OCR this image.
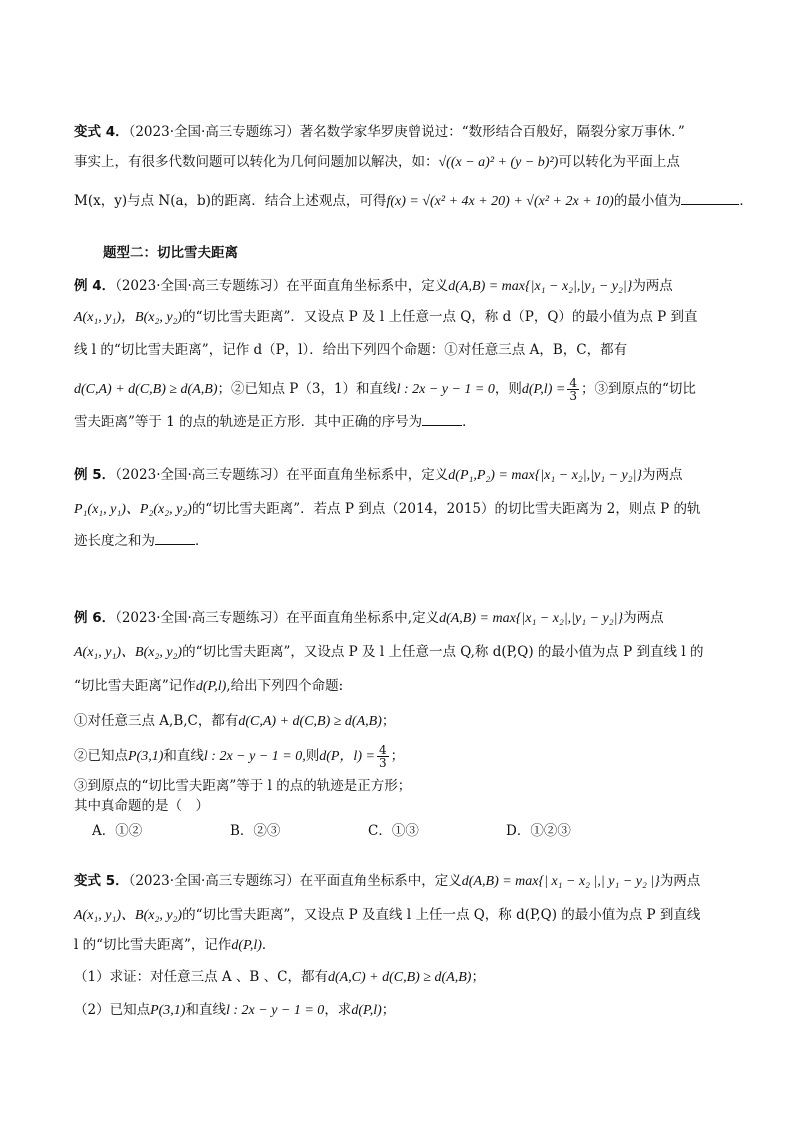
变式 4．（2023·全国·高三专题练习）著名数学家华罗庚曾说过：“数形结合百般好，隔裂分家万事休．”
事实上，有很多代数问题可以转化为几何问题加以解决，如：√((x − a)² + (y − b)²)可以转化为平面上点
M(x，y)与点 N(a，b)的距离．结合上述观点，可得f(x) = √(x² + 4x + 20) + √(x² + 2x + 10)的最小值为	．
题型二：切比雪夫距离
例 4．（2023·全国·高三专题练习）在平面直角坐标系中，定义d(A,B) = max{|x₁ − x₂|,|y₁ − y₂|}为两点
A(x₁, y₁)，B(x₂, y₂)的“切比雪夫距离”．又设点 P 及 l 上任意一点 Q，称 d（P，Q）的最小值为点 P 到直
线 l 的“切比雪夫距离”，记作 d（P，l）．给出下列四个命题：①对任意三点 A，B，C，都有
d(C,A) + d(C,B) ≥ d(A,B)；②已知点 P（3，1）和直线l : 2x − y − 1 = 0，则$d(P,l) = \frac{4}{3}$ ；③到原点的“切比
雪夫距离”等于 1 的点的轨迹是正方形．其中正确的序号为	．
例 5．（2023·全国·高三专题练习）在平面直角坐标系中，定义d(P₁,P₂) = max{|x₁ − x₂|,|y₁ − y₂|}为两点
P₁(x₁, y₁)、P₂(x₂, y₂)的“切比雪夫距离”．若点 P 到点（2014，2015）的切比雪夫距离为 2，则点 P 的轨
迹长度之和为	．
例 6．（2023·全国·高三专题练习）在平面直角坐标系中,定义d(A,B) = max{|x₁ − x₂|,|y₁ − y₂|}为两点
A(x₁, y₁)、B(x₂, y₂)的“切比雪夫距离”，又设点 P 及 l 上任意一点 Q,称 d(P,Q) 的最小值为点 P 到直线 l 的
“切比雪夫距离”记作d(P,l),给出下列四个命题:
①对任意三点 A,B,C，都有d(C,A) + d(C,B) ≥ d(A,B)；
②已知点P(3,1)和直线l : 2x − y − 1 = 0,则d(P，$l) = \frac{4}{3}$ ；
③到原点的“切比雪夫距离”等于 l 的点的轨迹是正方形；
其中真命题的是（　）
A．①②	B．②③	C．①③	D．①②③
变式 5．（2023·全国·高三专题练习）在平面直角坐标系中，定义d(A,B) = max{| x₁ − x₂ |,| y₁ − y₂ |}为两点
A(x₁, y₁)、B(x₂, y₂)的“切比雪夫距离”，又设点 P 及直线 l 上任一点 Q，称 d(P,Q) 的最小值为点 P 到直线
l 的“切比雪夫距离”，记作d(P,l)．
（1）求证：对任意三点 A 、B 、C，都有d(A,C) + d(C,B) ≥ d(A,B)；
（2）已知点P(3,1)和直线l : 2x − y − 1 = 0，求d(P,l)；
